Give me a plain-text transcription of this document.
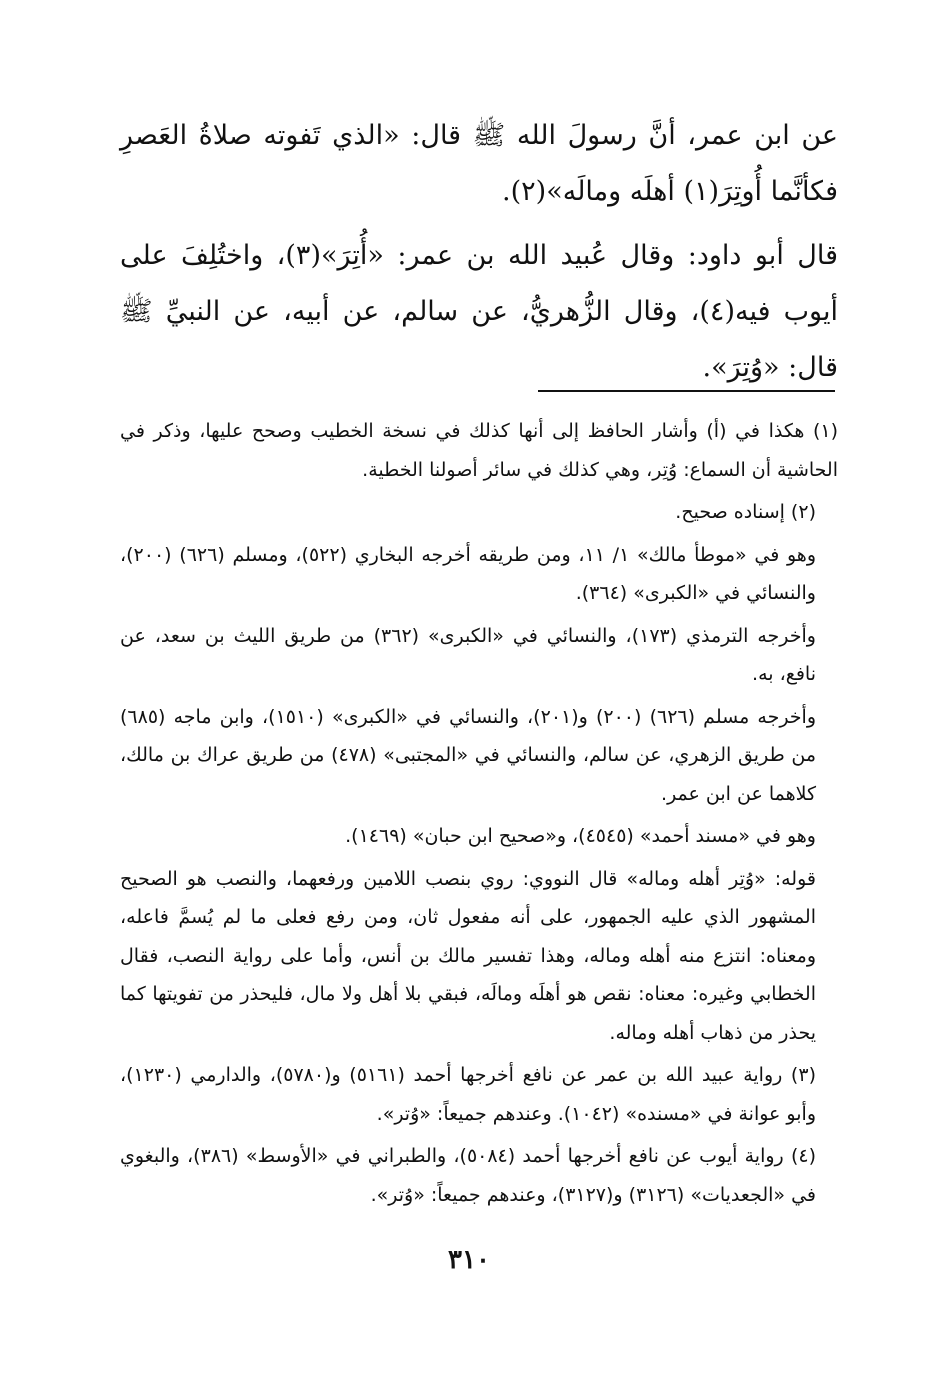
عن ابن عمر، أنَّ رسولَ الله ﷺ قال: «الذي تَفوته صلاةُ العَصرِ فكأنَّما أُوتِرَ(١) أهلَه ومالَه»(٢).

قال أبو داود: وقال عُبيد الله بن عمر: «أُتِرَ»(٣)، واختُلِفَ على أيوب فيه(٤)، وقال الزُّهريُّ، عن سالم، عن أبيه، عن النبيِّ ﷺ قال: «وُتِرَ».

(١) هكذا في (أ) وأشار الحافظ إلى أنها كذلك في نسخة الخطيب وصحح عليها، وذكر في الحاشية أن السماع: وُتِر، وهي كذلك في سائر أصولنا الخطية.

(٢) إسناده صحيح.

وهو في «موطأ مالك» ١/ ١١، ومن طريقه أخرجه البخاري (٥٢٢)، ومسلم (٦٢٦) (٢٠٠)، والنسائي في «الكبرى» (٣٦٤).

وأخرجه الترمذي (١٧٣)، والنسائي في «الكبرى» (٣٦٢) من طريق الليث بن سعد، عن نافع، به.

وأخرجه مسلم (٦٢٦) (٢٠٠) و(٢٠١)، والنسائي في «الكبرى» (١٥١٠)، وابن ماجه (٦٨٥) من طريق الزهري، عن سالم، والنسائي في «المجتبى» (٤٧٨) من طريق عراك بن مالك، كلاهما عن ابن عمر.

وهو في «مسند أحمد» (٤٥٤٥)، و«صحيح ابن حبان» (١٤٦٩).

قوله: «وُتِر أهله وماله» قال النووي: روي بنصب اللامين ورفعهما، والنصب هو الصحيح المشهور الذي عليه الجمهور، على أنه مفعول ثان، ومن رفع فعلى ما لم يُسمَّ فاعله، ومعناه: انتزع منه أهله وماله، وهذا تفسير مالك بن أنس، وأما على رواية النصب، فقال الخطابي وغيره: معناه: نقص هو أهلَه ومالَه، فبقي بلا أهل ولا مال، فليحذر من تفويتها كما يحذر من ذهاب أهله وماله.

(٣) رواية عبيد الله بن عمر عن نافع أخرجها أحمد (٥١٦١) و(٥٧٨٠)، والدارمي (١٢٣٠)، وأبو عوانة في «مسنده» (١٠٤٢). وعندهم جميعاً: «وُتر».

(٤) رواية أيوب عن نافع أخرجها أحمد (٥٠٨٤)، والطبراني في «الأوسط» (٣٨٦)، والبغوي في «الجعديات» (٣١٢٦) و(٣١٢٧)، وعندهم جميعاً: «وُتر».

٣١٠
